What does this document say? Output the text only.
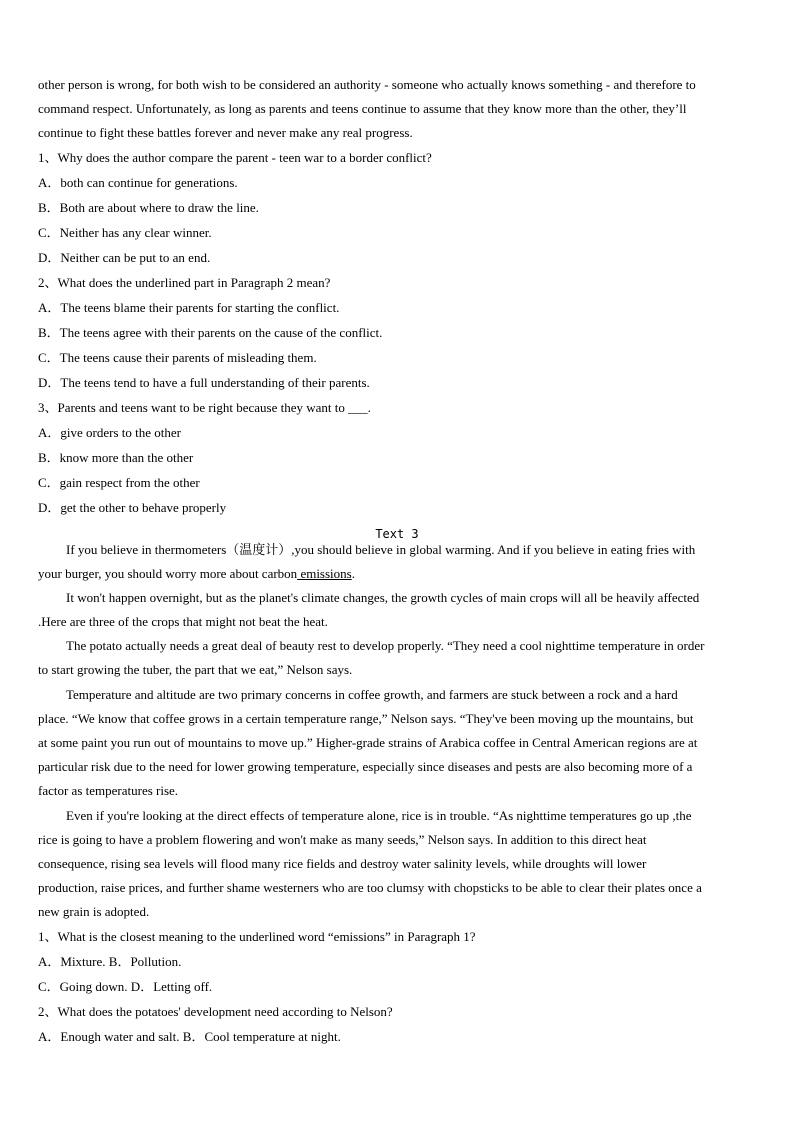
other person is wrong, for both wish to be considered an authority - someone who actually knows something - and therefore to
command respect. Unfortunately, as long as parents and teens continue to assume that they know more than the other, they’ll
continue to fight these battles forever and never make any real progress.
1、Why does the author compare the parent - teen war to a border conflict?
A．both can continue for generations.
B．Both are about where to draw the line.
C．Neither has any clear winner.
D．Neither can be put to an end.
2、What does the underlined part in Paragraph 2 mean?
A．The teens blame their parents for starting the conflict.
B．The teens agree with their parents on the cause of the conflict.
C．The teens cause their parents of misleading them.
D．The teens tend to have a full understanding of their parents.
3、Parents and teens want to be right because they want to ___.
A．give orders to the other
B．know more than the other
C．gain respect from the other
D．get the other to behave properly
Text 3
If you believe in thermometers（温度计）,you should believe in global warming. And if you believe in eating fries with
your burger, you should worry more about carbon emissions.
It won't happen overnight, but as the planet's climate changes, the growth cycles of main crops will all be heavily affected
.Here are three of the crops that might not beat the heat.
The potato actually needs a great deal of beauty rest to develop properly. “They need a cool nighttime temperature in order
to start growing the tuber, the part that we eat,” Nelson says.
Temperature and altitude are two primary concerns in coffee growth, and farmers are stuck between a rock and a hard
place. “We know that coffee grows in a certain temperature range,” Nelson says. “They've been moving up the mountains, but
at some paint you run out of mountains to move up.” Higher-grade strains of Arabica coffee in Central American regions are at
particular risk due to the need for lower growing temperature, especially since diseases and pests are also becoming more of a
factor as temperatures rise.
Even if you're looking at the direct effects of temperature alone, rice is in trouble. “As nighttime temperatures go up ,the
rice is going to have a problem flowering and won't make as many seeds,” Nelson says. In addition to this direct heat
consequence, rising sea levels will flood many rice fields and destroy water salinity levels, while droughts will lower
production, raise prices, and further shame westerners who are too clumsy with chopsticks to be able to clear their plates once a
new grain is adopted.
1、What is the closest meaning to the underlined word “emissions” in Paragraph 1?
A．Mixture. B．Pollution.
C．Going down. D．Letting off.
2、What does the potatoes' development need according to Nelson?
A．Enough water and salt. B．Cool temperature at night.
